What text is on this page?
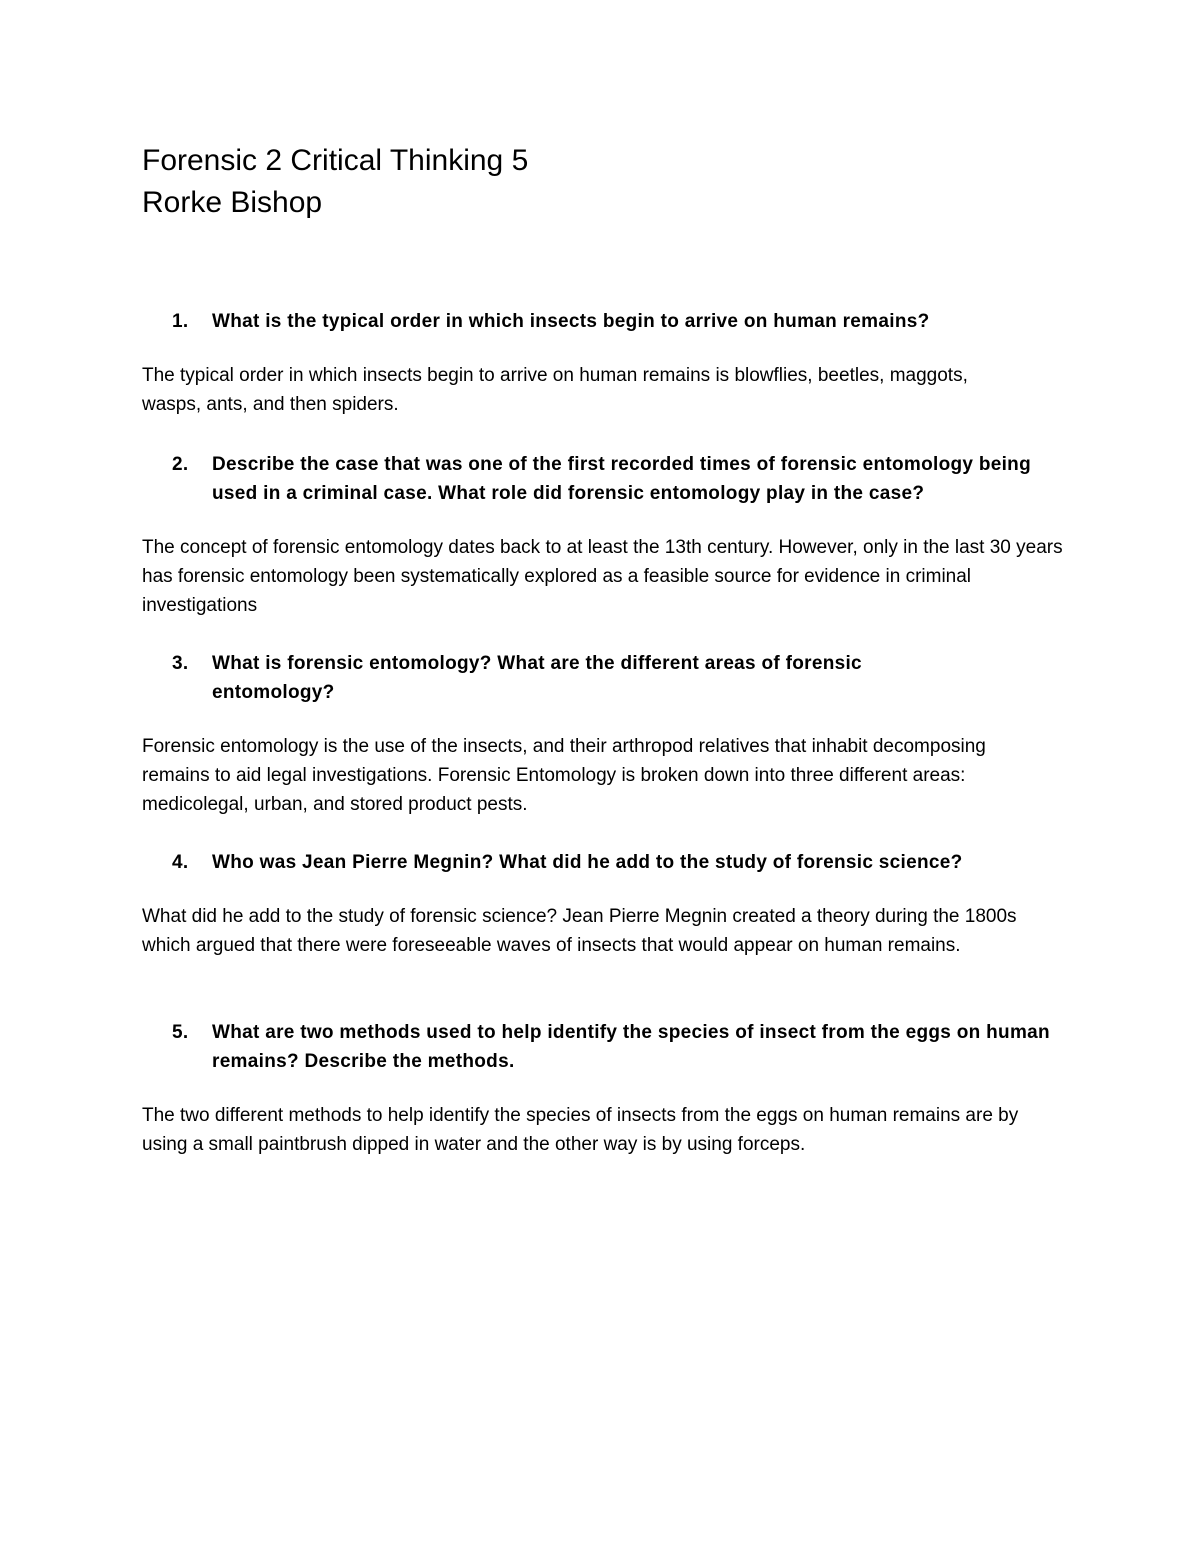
Forensic 2 Critical Thinking 5
Rorke Bishop
1.	What is the typical order in which insects begin to arrive on human remains?
The typical order in which insects begin to arrive on human remains is blowflies, beetles, maggots, wasps, ants, and then spiders.
2.	Describe the case that was one of the first recorded times of forensic entomology being used in a criminal case. What role did forensic entomology play in the case?
The concept of forensic entomology dates back to at least the 13th century. However, only in the last 30 years has forensic entomology been systematically explored as a feasible source for evidence in criminal investigations
3.	What is forensic entomology? What are the different areas of forensic entomology?
Forensic entomology is the use of the insects, and their arthropod relatives that inhabit decomposing remains to aid legal investigations. Forensic Entomology is broken down into three different areas: medicolegal, urban, and stored product pests.
4.	Who was Jean Pierre Megnin? What did he add to the study of forensic science?
What did he add to the study of forensic science? Jean Pierre Megnin created a theory during the 1800s which argued that there were foreseeable waves of insects that would appear on human remains.
5.	What are two methods used to help identify the species of insect from the eggs on human remains? Describe the methods.
The two different methods to help identify the species of insects from the eggs on human remains are by using a small paintbrush dipped in water and the other way is by using forceps.
